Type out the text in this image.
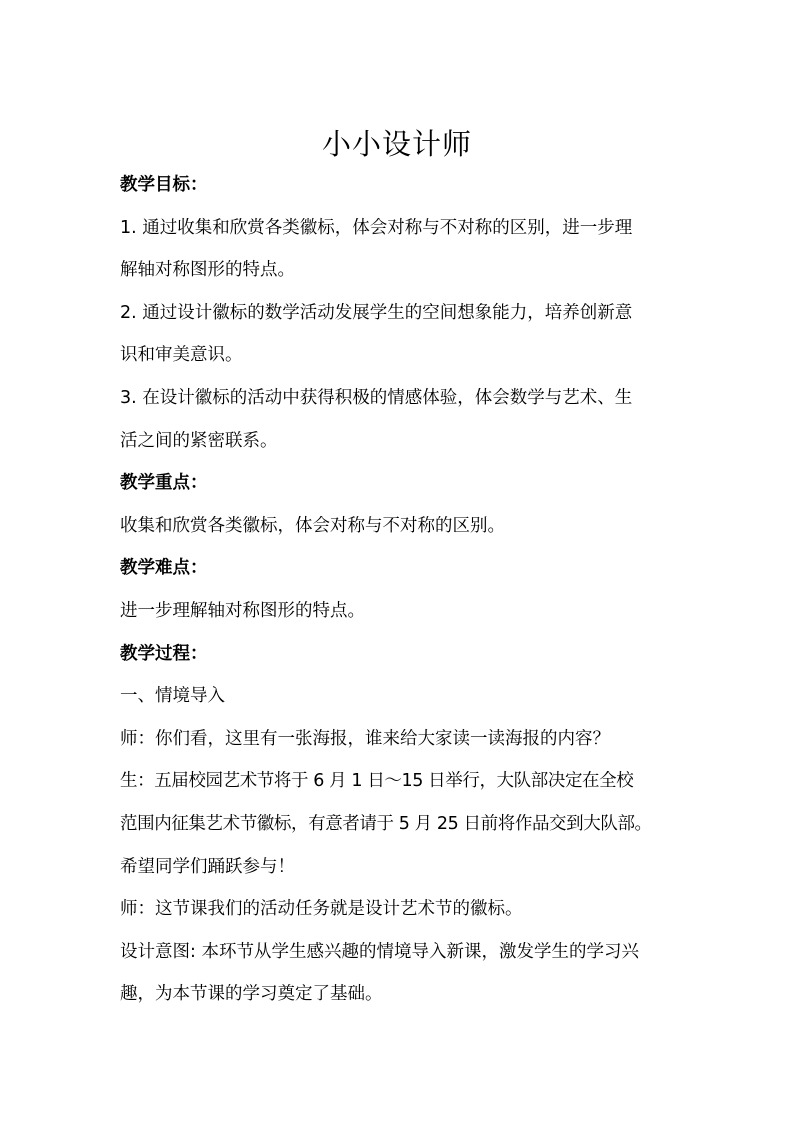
小小设计师
教学目标：
1. 通过收集和欣赏各类徽标，体会对称与不对称的区别，进一步理
解轴对称图形的特点。
2. 通过设计徽标的数学活动发展学生的空间想象能力，培养创新意
识和审美意识。
3. 在设计徽标的活动中获得积极的情感体验，体会数学与艺术、生
活之间的紧密联系。
教学重点：
收集和欣赏各类徽标，体会对称与不对称的区别。
教学难点：
进一步理解轴对称图形的特点。
教学过程：
一、情境导入
师：你们看，这里有一张海报，谁来给大家读一读海报的内容？
生：五届校园艺术节将于 6 月 1 日～15 日举行，大队部决定在全校
范围内征集艺术节徽标，有意者请于 5 月 25 日前将作品交到大队部。
希望同学们踊跃参与！
师：这节课我们的活动任务就是设计艺术节的徽标。
设计意图: 本环节从学生感兴趣的情境导入新课，激发学生的学习兴
趣，为本节课的学习奠定了基础。
